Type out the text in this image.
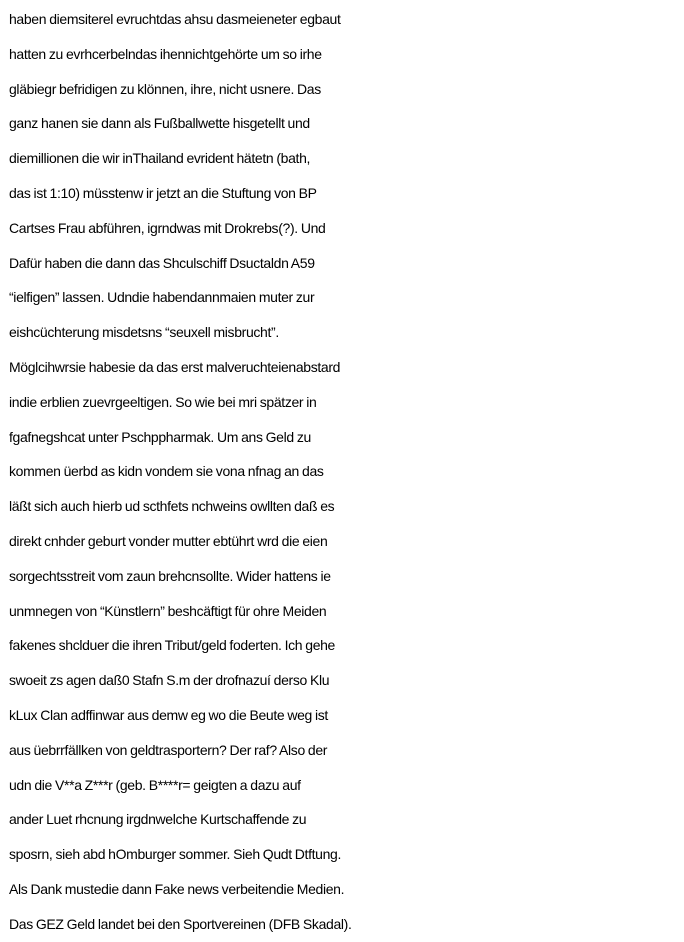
haben diemsiterel evruchtdas ahsu dasmeieneter egbaut
hatten zu evrhcerbelndas ihennichtgehörte um so irhe
gläbiegr befridigen zu klönnen, ihre, nicht usnere. Das
ganz hanen sie dann als Fußballwette hisgetellt und
diemillionen die wir inThailand evrident hätetn (bath,
das ist 1:10) müsstenw ir jetzt an die Stuftung von BP
Cartses Frau abführen, igrndwas mit Drokrebs(?). Und
Dafür haben die dann das Shculschiff Dsuctaldn A59
“ielfigen” lassen. Udndie habendannmaien muter zur
eishcüchterung misdetsns “seuxell misbrucht”.
Möglcihwrsie habesie da das erst malveruchteienabstard
indie erblien zuevrgeeltigen. So wie bei mri spätzer in
fgafnegshcat unter Pschppharmak. Um ans Geld zu
kommen üerbd as kidn vondem sie vona nfnag an das
läßt sich auch hierb ud scthfets nchweins owllten daß es
direkt cnhder geburt vonder mutter ebtührt wrd die eien
sorgechtsstreit vom zaun brehcnsollte. Wider hattens ie
unmnegen von “Künstlern” beshcäftigt für ohre Meiden
fakenes shclduer die ihren Tribut/geld foderten. Ich gehe
swoeit zs agen daß0 Stafn S.m der drofnazuí derso Klu
kLux Clan adffinwar aus demw eg wo die Beute weg ist
aus üebrrfällken von geldtrasportern? Der raf? Also der
udn die V**a Z***r (geb. B****r= geigten a dazu auf
ander Luet rhcnung irgdnwelche Kurtschaffende zu
sposrn, sieh abd hOmburger sommer. Sieh Qudt Dtftung.
Als Dank mustedie dann Fake news verbeitendie Medien.
Das GEZ Geld landet bei den Sportvereinen (DFB Skadal).
